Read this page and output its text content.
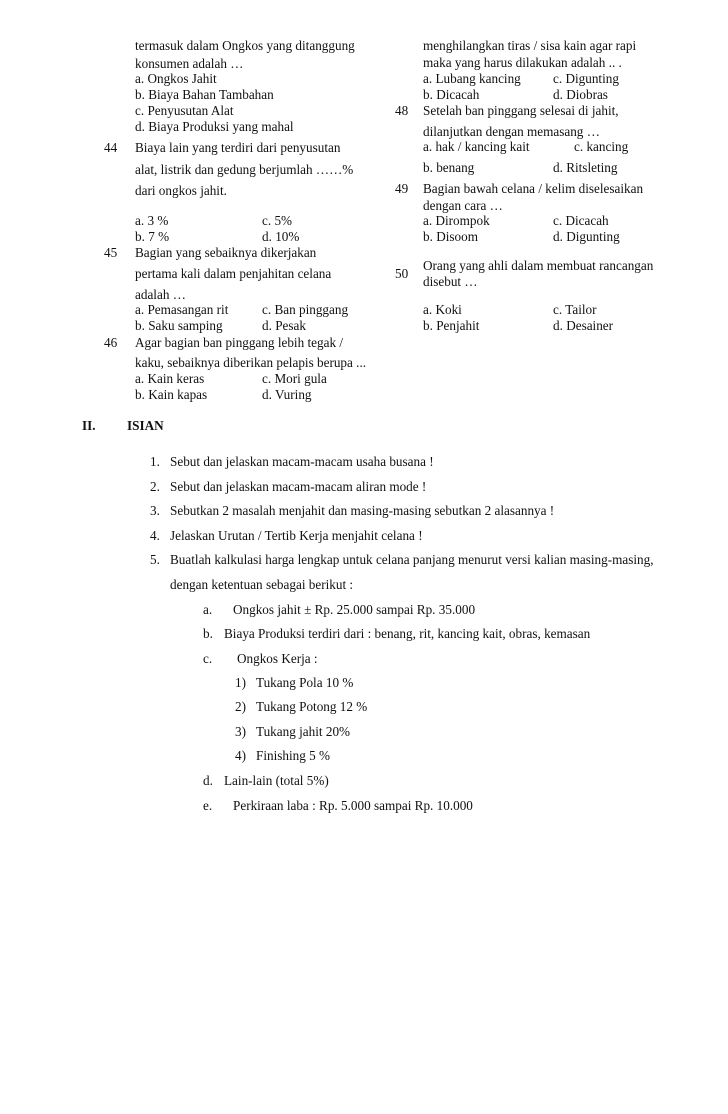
termasuk dalam Ongkos yang ditanggung
konsumen adalah …
a. Ongkos Jahit
b. Biaya Bahan Tambahan
c. Penyusutan Alat
d. Biaya Produksi yang mahal
44 Biaya lain yang terdiri dari penyusutan
alat, listrik dan gedung berjumlah ……%
dari ongkos jahit.
a. 3 %	c. 5%
b. 7 %	d. 10%
45 Bagian yang sebaiknya dikerjakan
pertama kali dalam penjahitan celana
adalah …
a. Pemasangan rit	c. Ban pinggang
b. Saku samping	d. Pesak
46 Agar bagian ban pinggang lebih tegak /
kaku, sebaiknya diberikan pelapis berupa ...
a. Kain keras	c. Mori gula
b. Kain kapas	d. Vuring
menghilangkan tiras / sisa kain agar rapi
maka yang harus dilakukan adalah .. .
a. Lubang kancing c. Digunting
b. Dicacah	d. Diobras
48 Setelah ban pinggang selesai di jahit,
dilanjutkan dengan memasang …
a. hak / kancing kait	c. kancing
b. benang	d. Ritsleting
49 Bagian bawah celana / kelim diselesaikan
dengan cara …
a. Dirompok	c. Dicacah
b. Disoom	d. Digunting
50
Orang yang ahli dalam membuat rancangan
disebut …
a. Koki	c. Tailor
b. Penjahit	d. Desainer
II. ISIAN
1. Sebut dan jelaskan macam-macam usaha busana !
2. Sebut dan jelaskan macam-macam aliran mode !
3. Sebutkan 2 masalah menjahit dan masing-masing sebutkan 2 alasannya !
4. Jelaskan Urutan / Tertib Kerja menjahit celana !
5. Buatlah kalkulasi harga lengkap untuk celana panjang menurut versi kalian masing-masing,
dengan ketentuan sebagai berikut :
a. Ongkos jahit ± Rp. 25.000 sampai Rp. 35.000
b. Biaya Produksi terdiri dari : benang, rit, kancing kait, obras, kemasan
c. Ongkos Kerja :
1) Tukang Pola 10 %
2) Tukang Potong 12 %
3) Tukang jahit 20%
4) Finishing 5 %
d. Lain-lain (total 5%)
e. Perkiraan laba : Rp. 5.000 sampai Rp. 10.000
